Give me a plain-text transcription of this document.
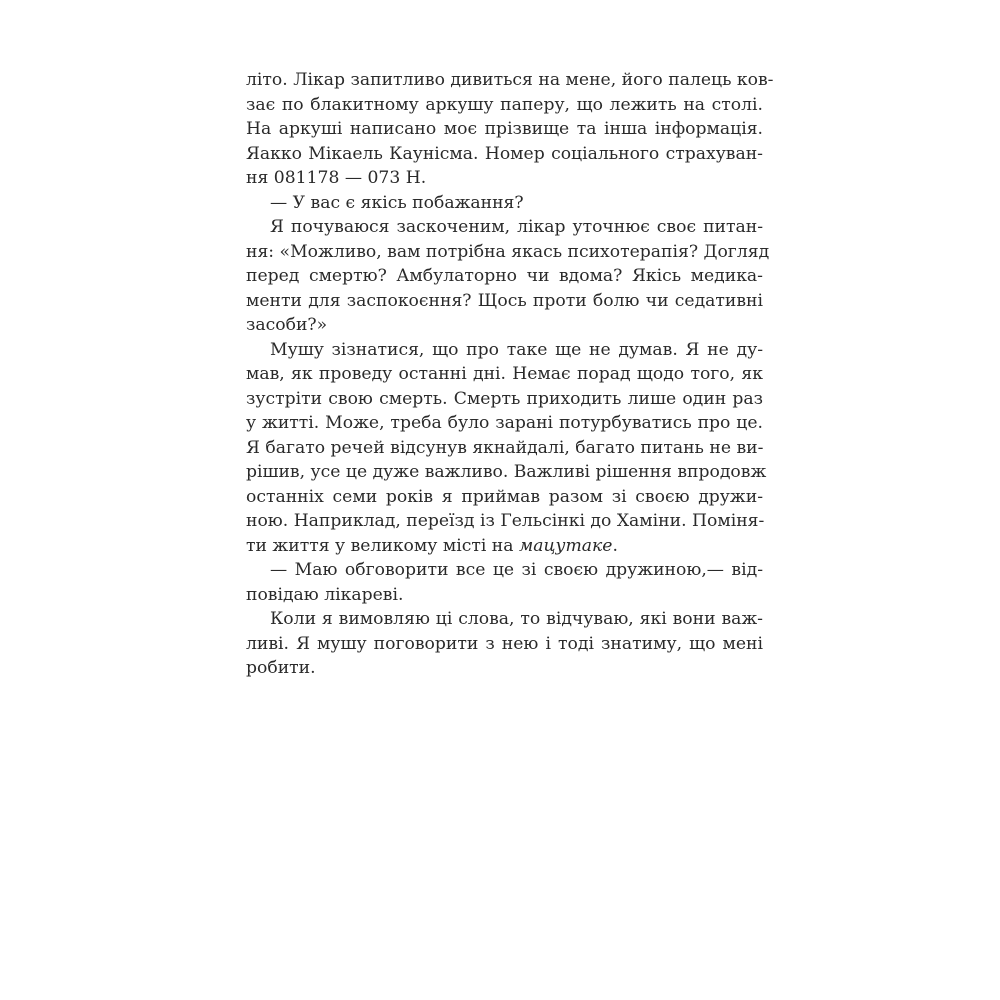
літо. Лікар запитливо дивиться на мене, його палець ков-
зає по блакитному аркушу паперу, що лежить на столі.
На аркуші написано моє прізвище та інша інформація.
Яакко Мікаель Каунісма. Номер соціального страхуван-
ня 081178 — 073 H.
— У вас є якісь побажання?
Я почуваюся заскоченим, лікар уточнює своє питан-
ня: «Можливо, вам потрібна якась психотерапія? Догляд
перед смертю? Амбулаторно чи вдома? Якісь медика-
менти для заспокоєння? Щось проти болю чи седативні
засоби?»
Мушу зізнатися, що про таке ще не думав. Я не ду-
мав, як проведу останні дні. Немає порад щодо того, як
зустріти свою смерть. Смерть приходить лише один раз
у житті. Може, треба було зарані потурбуватись про це.
Я багато речей відсунув якнайдалі, багато питань не ви-
рішив, усе це дуже важливо. Важливі рішення впродовж
останніх семи років я приймав разом зі своєю дружи-
ною. Наприклад, переїзд із Гельсінкі до Хаміни. Поміня-
ти життя у великому місті на мацутаке.
— Маю обговорити все це зі своєю дружиною,— від-
повідаю лікареві.
Коли я вимовляю ці слова, то відчуваю, які вони важ-
ливі. Я мушу поговорити з нею і тоді знатиму, що мені
робити.
